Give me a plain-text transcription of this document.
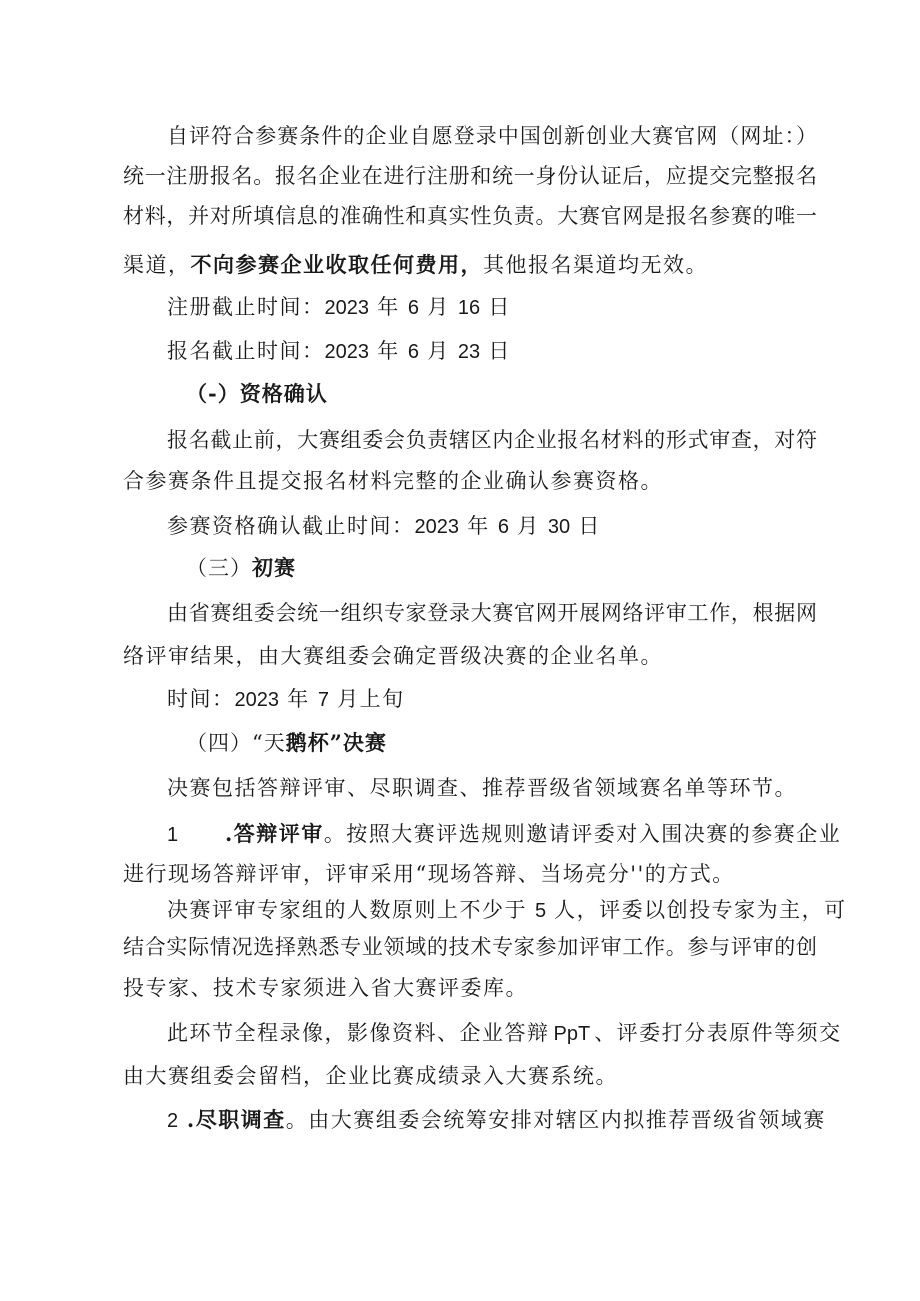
自评符合参赛条件的企业自愿登录中国创新创业大赛官网（网址：）
统一注册报名。报名企业在进行注册和统一身份认证后，应提交完整报名
材料，并对所填信息的准确性和真实性负责。大赛官网是报名参赛的唯一
渠道，不向参赛企业收取任何费用，其他报名渠道均无效。
注册截止时间：2023 年 6 月 16 日
报名截止时间：2023 年 6 月 23 日
（-）资格确认
报名截止前，大赛组委会负责辖区内企业报名材料的形式审查，对符
合参赛条件且提交报名材料完整的企业确认参赛资格。
参赛资格确认截止时间：2023 年 6 月 30 日
（三）初赛
由省赛组委会统一组织专家登录大赛官网开展网络评审工作，根据网
络评审结果，由大赛组委会确定晋级决赛的企业名单。
时间：2023 年 7 月上旬
（四）“天鹅杯”决赛
决赛包括答辩评审、尽职调查、推荐晋级省领域赛名单等环节。
1 .答辩评审。按照大赛评选规则邀请评委对入围决赛的参赛企业
进行现场答辩评审，评审采用“现场答辩、当场亮分''的方式。
决赛评审专家组的人数原则上不少于 5 人，评委以创投专家为主，可
结合实际情况选择熟悉专业领域的技术专家参加评审工作。参与评审的创
投专家、技术专家须进入省大赛评委库。
此环节全程录像，影像资料、企业答辩 PpT 、评委打分表原件等须交
由大赛组委会留档，企业比赛成绩录入大赛系统。
2 .尽职调查。由大赛组委会统筹安排对辖区内拟推荐晋级省领域赛
